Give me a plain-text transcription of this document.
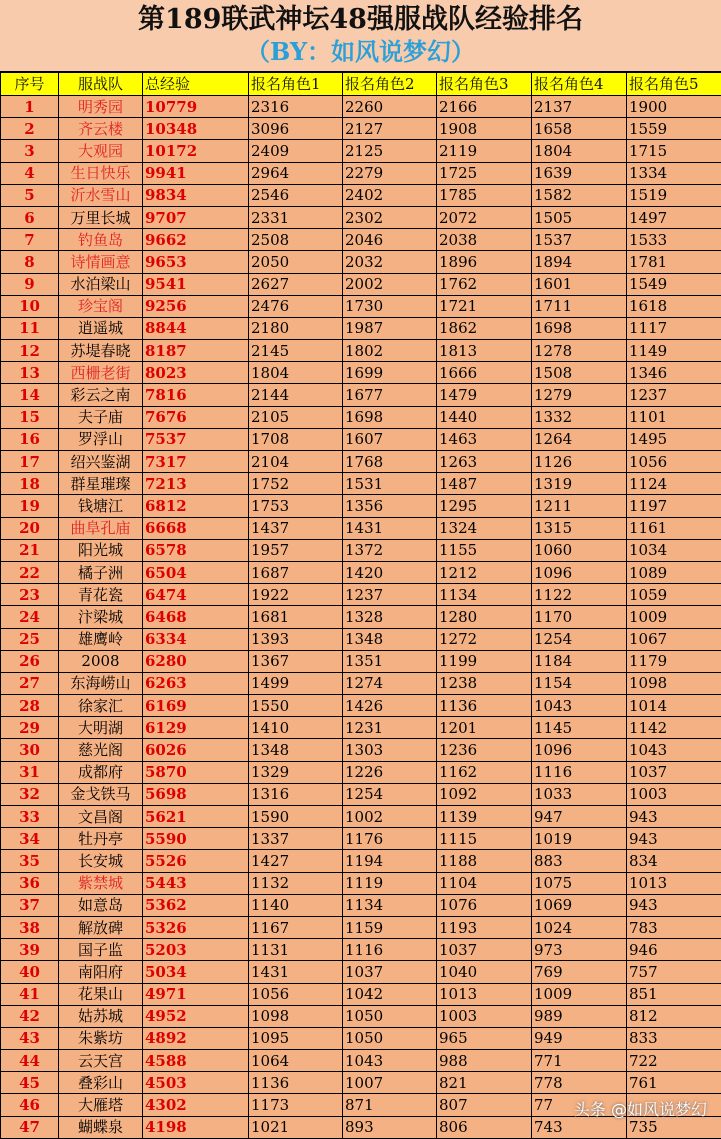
第189联武神坛48强服战队经验排名
（BY：如风说梦幻）
序号	服战队	总经验	报名角色1	报名角色2	报名角色3	报名角色4	报名角色5
1	明秀园	10779	2316	2260	2166	2137	1900
2	齐云楼	10348	3096	2127	1908	1658	1559
3	大观园	10172	2409	2125	2119	1804	1715
4	生日快乐	9941	2964	2279	1725	1639	1334
5	沂水雪山	9834	2546	2402	1785	1582	1519
6	万里长城	9707	2331	2302	2072	1505	1497
7	钓鱼岛	9662	2508	2046	2038	1537	1533
8	诗情画意	9653	2050	2032	1896	1894	1781
9	水泊梁山	9541	2627	2002	1762	1601	1549
10	珍宝阁	9256	2476	1730	1721	1711	1618
11	逍遥城	8844	2180	1987	1862	1698	1117
12	苏堤春晓	8187	2145	1802	1813	1278	1149
13	西栅老街	8023	1804	1699	1666	1508	1346
14	彩云之南	7816	2144	1677	1479	1279	1237
15	夫子庙	7676	2105	1698	1440	1332	1101
16	罗浮山	7537	1708	1607	1463	1264	1495
17	绍兴鉴湖	7317	2104	1768	1263	1126	1056
18	群星璀璨	7213	1752	1531	1487	1319	1124
19	钱塘江	6812	1753	1356	1295	1211	1197
20	曲阜孔庙	6668	1437	1431	1324	1315	1161
21	阳光城	6578	1957	1372	1155	1060	1034
22	橘子洲	6504	1687	1420	1212	1096	1089
23	青花瓷	6474	1922	1237	1134	1122	1059
24	汴梁城	6468	1681	1328	1280	1170	1009
25	雄鹰岭	6334	1393	1348	1272	1254	1067
26	2008	6280	1367	1351	1199	1184	1179
27	东海崂山	6263	1499	1274	1238	1154	1098
28	徐家汇	6169	1550	1426	1136	1043	1014
29	大明湖	6129	1410	1231	1201	1145	1142
30	慈光阁	6026	1348	1303	1236	1096	1043
31	成都府	5870	1329	1226	1162	1116	1037
32	金戈铁马	5698	1316	1254	1092	1033	1003
33	文昌阁	5621	1590	1002	1139	947	943
34	牡丹亭	5590	1337	1176	1115	1019	943
35	长安城	5526	1427	1194	1188	883	834
36	紫禁城	5443	1132	1119	1104	1075	1013
37	如意岛	5362	1140	1134	1076	1069	943
38	解放碑	5326	1167	1159	1193	1024	783
39	国子监	5203	1131	1116	1037	973	946
40	南阳府	5034	1431	1037	1040	769	757
41	花果山	4971	1056	1042	1013	1009	851
42	姑苏城	4952	1098	1050	1003	989	812
43	朱紫坊	4892	1095	1050	965	949	833
44	云天宫	4588	1064	1043	988	771	722
45	叠彩山	4503	1136	1007	821	778	761
46	大雁塔	4302	1173	871	807	77	
47	蝴蝶泉	4198	1021	893	806	743	735
头条 @如风说梦幻
